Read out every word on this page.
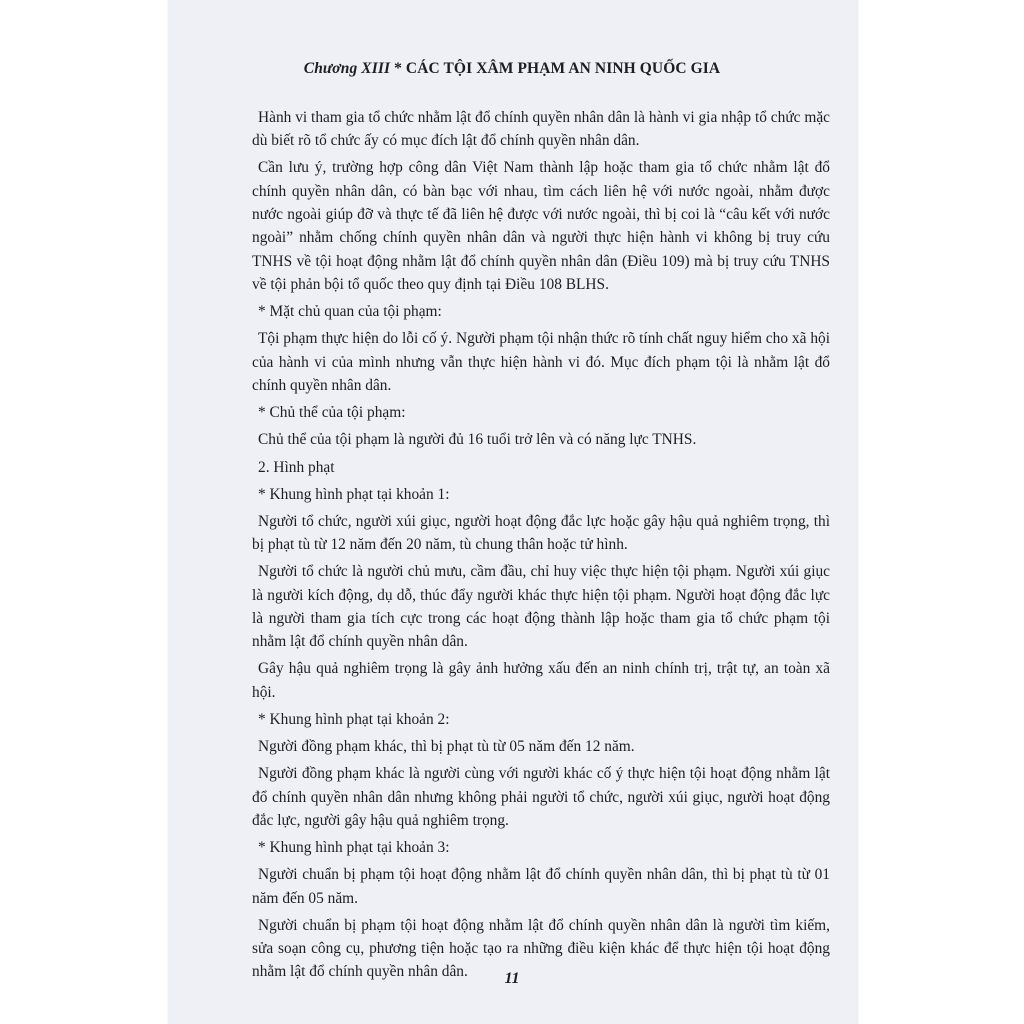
Chương XIII * CÁC TỘI XÂM PHẠM AN NINH QUỐC GIA

Hành vi tham gia tổ chức nhằm lật đổ chính quyền nhân dân là hành vi gia nhập tổ chức mặc dù biết rõ tổ chức ấy có mục đích lật đổ chính quyền nhân dân.

Cần lưu ý, trường hợp công dân Việt Nam thành lập hoặc tham gia tổ chức nhằm lật đổ chính quyền nhân dân, có bàn bạc với nhau, tìm cách liên hệ với nước ngoài, nhằm được nước ngoài giúp đỡ và thực tế đã liên hệ được với nước ngoài, thì bị coi là “câu kết với nước ngoài” nhằm chống chính quyền nhân dân và người thực hiện hành vi không bị truy cứu TNHS về tội hoạt động nhằm lật đổ chính quyền nhân dân (Điều 109) mà bị truy cứu TNHS về tội phản bội tổ quốc theo quy định tại Điều 108 BLHS.

* Mặt chủ quan của tội phạm:

Tội phạm thực hiện do lỗi cố ý. Người phạm tội nhận thức rõ tính chất nguy hiểm cho xã hội của hành vi của mình nhưng vẫn thực hiện hành vi đó. Mục đích phạm tội là nhằm lật đổ chính quyền nhân dân.

* Chủ thể của tội phạm:

Chủ thể của tội phạm là người đủ 16 tuổi trở lên và có năng lực TNHS.

2. Hình phạt

* Khung hình phạt tại khoản 1:

Người tổ chức, người xúi giục, người hoạt động đắc lực hoặc gây hậu quả nghiêm trọng, thì bị phạt tù từ 12 năm đến 20 năm, tù chung thân hoặc tử hình.

Người tổ chức là người chủ mưu, cầm đầu, chỉ huy việc thực hiện tội phạm. Người xúi giục là người kích động, dụ dỗ, thúc đẩy người khác thực hiện tội phạm. Người hoạt động đắc lực là người tham gia tích cực trong các hoạt động thành lập hoặc tham gia tổ chức phạm tội nhằm lật đổ chính quyền nhân dân.

Gây hậu quả nghiêm trọng là gây ảnh hưởng xấu đến an ninh chính trị, trật tự, an toàn xã hội.

* Khung hình phạt tại khoản 2:

Người đồng phạm khác, thì bị phạt tù từ 05 năm đến 12 năm.

Người đồng phạm khác là người cùng với người khác cố ý thực hiện tội hoạt động nhằm lật đổ chính quyền nhân dân nhưng không phải người tổ chức, người xúi giục, người hoạt động đắc lực, người gây hậu quả nghiêm trọng.

* Khung hình phạt tại khoản 3:

Người chuẩn bị phạm tội hoạt động nhằm lật đổ chính quyền nhân dân, thì bị phạt tù từ 01 năm đến 05 năm.

Người chuẩn bị phạm tội hoạt động nhằm lật đổ chính quyền nhân dân là người tìm kiếm, sửa soạn công cụ, phương tiện hoặc tạo ra những điều kiện khác để thực hiện tội hoạt động nhằm lật đổ chính quyền nhân dân.	11
